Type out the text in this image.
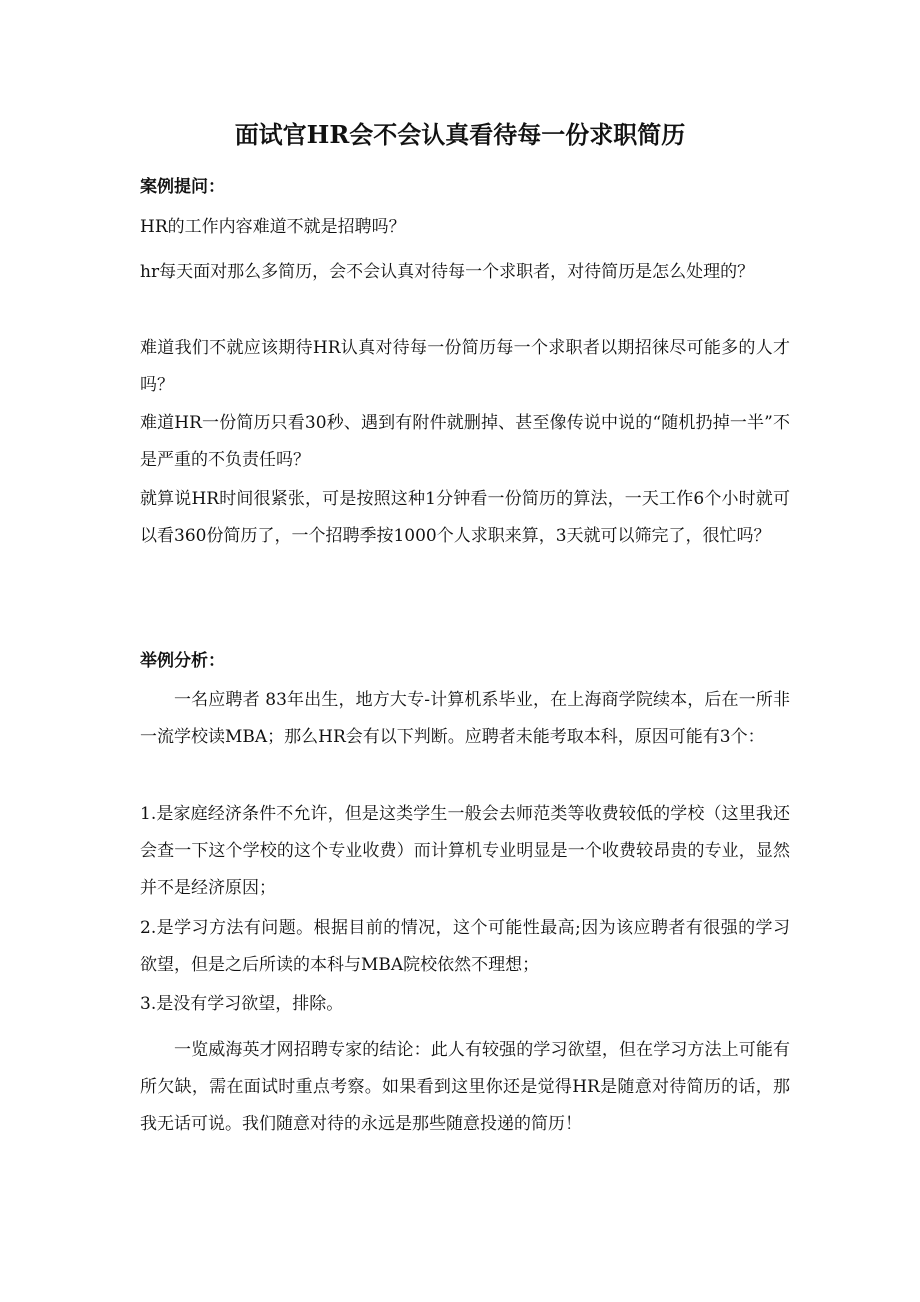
面试官HR会不会认真看待每一份求职简历

案例提问：

HR的工作内容难道不就是招聘吗？

hr每天面对那么多简历，会不会认真对待每一个求职者，对待简历是怎么处理的？

难道我们不就应该期待HR认真对待每一份简历每一个求职者以期招徕尽可能多的人才吗？

难道HR一份简历只看30秒、遇到有附件就删掉、甚至像传说中说的“随机扔掉一半”不是严重的不负责任吗？

就算说HR时间很紧张，可是按照这种1分钟看一份简历的算法，一天工作6个小时就可以看360份简历了，一个招聘季按1000个人求职来算，3天就可以筛完了，很忙吗？

举例分析：

一名应聘者 83年出生，地方大专-计算机系毕业，在上海商学院续本，后在一所非一流学校读MBA；那么HR会有以下判断。应聘者未能考取本科，原因可能有3个：

1.是家庭经济条件不允许，但是这类学生一般会去师范类等收费较低的学校（这里我还会查一下这个学校的这个专业收费）而计算机专业明显是一个收费较昂贵的专业，显然并不是经济原因；

2.是学习方法有问题。根据目前的情况，这个可能性最高;因为该应聘者有很强的学习欲望，但是之后所读的本科与MBA院校依然不理想；

3.是没有学习欲望，排除。

一览威海英才网招聘专家的结论：此人有较强的学习欲望，但在学习方法上可能有所欠缺，需在面试时重点考察。如果看到这里你还是觉得HR是随意对待简历的话，那我无话可说。我们随意对待的永远是那些随意投递的简历！
